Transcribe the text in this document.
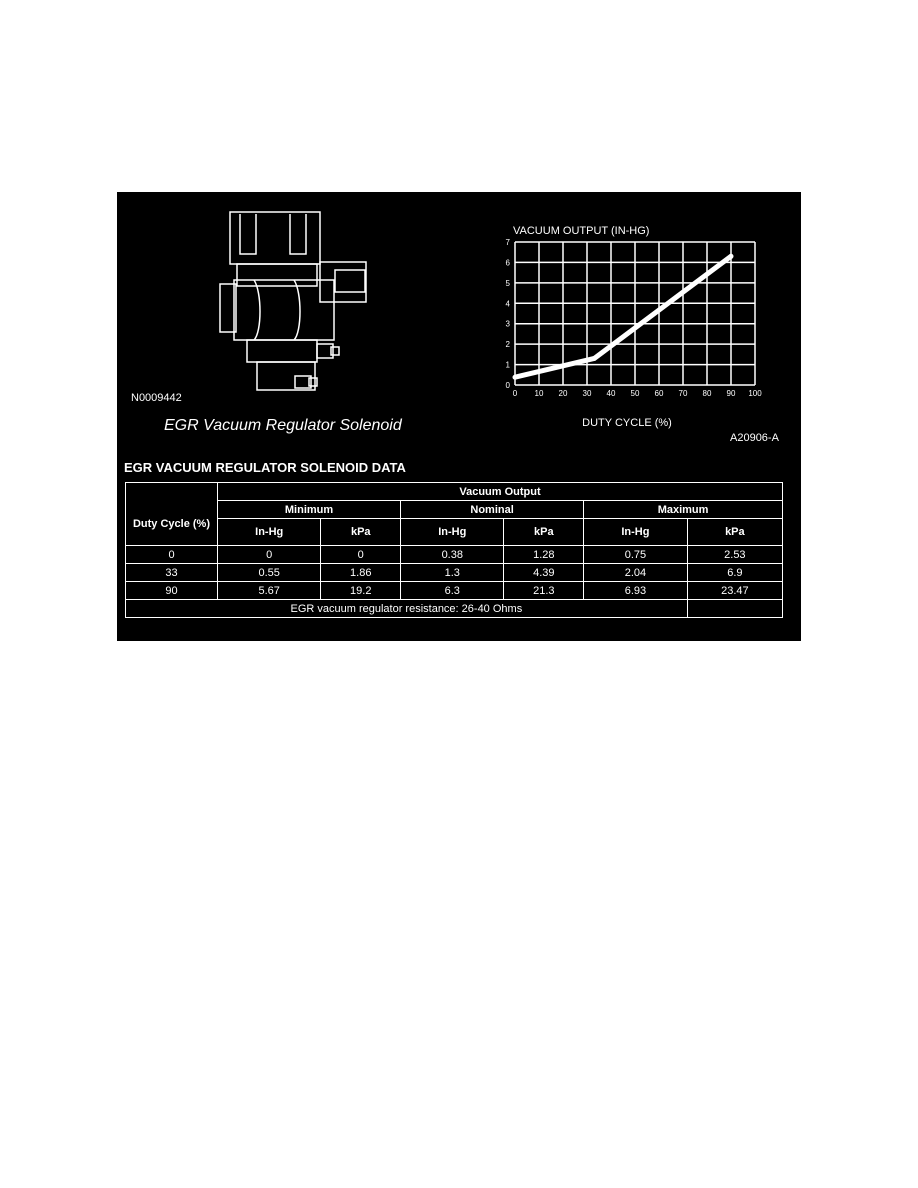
N0009442
EGR Vacuum Regulator Solenoid
VACUUM OUTPUT (IN-HG)
0
1
2
3
4
5
6
7
0 10 20 30 40 50 60 70 80 90 100
DUTY CYCLE (%)
A20906-A
EGR VACUUM REGULATOR SOLENOID DATA
Duty Cycle (%)	Vacuum Output					
	Minimum		Nominal		Maximum	
	In-Hg	kPa	In-Hg	kPa	In-Hg	kPa
0	0	0	0.38	1.28	0.75	2.53
33	0.55	1.86	1.3	4.39	2.04	6.9
90	5.67	19.2	6.3	21.3	6.93	23.47
EGR vacuum regulator resistance: 26-40 Ohms						
